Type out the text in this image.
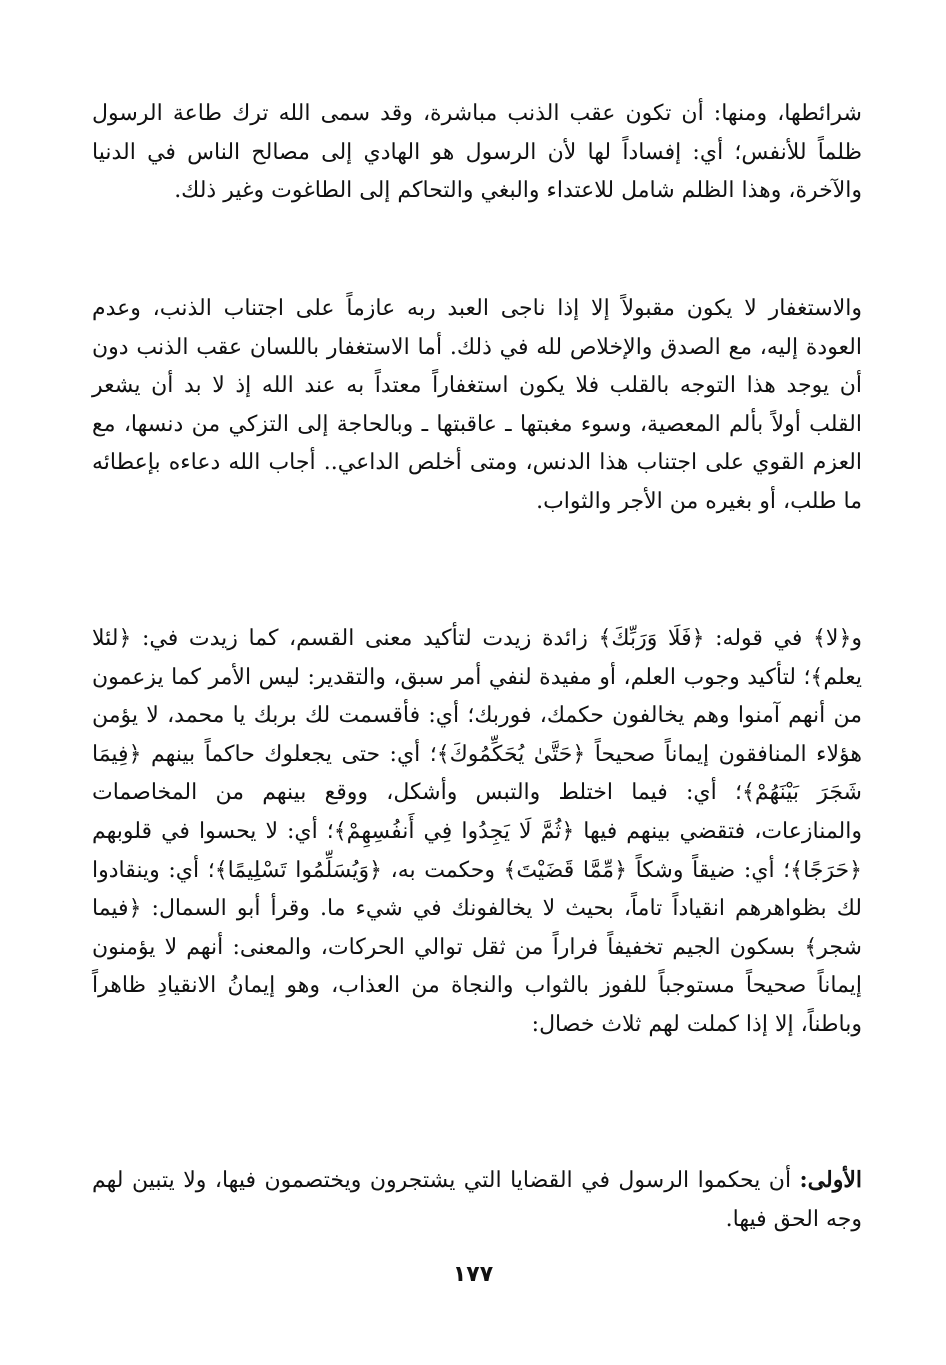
شرائطها، ومنها: أن تكون عقب الذنب مباشرة، وقد سمى الله ترك طاعة الرسول ظلماً للأنفس؛ أي: إفساداً لها لأن الرسول هو الهادي إلى مصالح الناس في الدنيا والآخرة، وهذا الظلم شامل للاعتداء والبغي والتحاكم إلى الطاغوت وغير ذلك.

والاستغفار لا يكون مقبولاً إلا إذا ناجى العبد ربه عازماً على اجتناب الذنب، وعدم العودة إليه، مع الصدق والإخلاص لله في ذلك. أما الاستغفار باللسان عقب الذنب دون أن يوجد هذا التوجه بالقلب فلا يكون استغفاراً معتداً به عند الله إذ لا بد أن يشعر القلب أولاً بألم المعصية، وسوء مغبتها ـ عاقبتها ـ وبالحاجة إلى التزكي من دنسها، مع العزم القوي على اجتناب هذا الدنس، ومتى أخلص الداعي.. أجاب الله دعاءه بإعطائه ما طلب، أو بغيره من الأجر والثواب.

و﴿لا﴾ في قوله: ﴿فَلَا وَرَبِّكَ﴾ زائدة زيدت لتأكيد معنى القسم، كما زيدت في: ﴿لئلا يعلم﴾؛ لتأكيد وجوب العلم، أو مفيدة لنفي أمر سبق، والتقدير: ليس الأمر كما يزعمون من أنهم آمنوا وهم يخالفون حكمك، فوربك؛ أي: فأقسمت لك بربك يا محمد، لا يؤمن هؤلاء المنافقون إيماناً صحيحاً ﴿حَتَّىٰ يُحَكِّمُوكَ﴾؛ أي: حتى يجعلوك حاكماً بينهم ﴿فِيمَا شَجَرَ بَيْنَهُمْ﴾؛ أي: فيما اختلط والتبس وأشكل، ووقع بينهم من المخاصمات والمنازعات، فتقضي بينهم فيها ﴿ثُمَّ لَا يَجِدُوا فِي أَنفُسِهِمْ﴾؛ أي: لا يحسوا في قلوبهم ﴿حَرَجًا﴾؛ أي: ضيقاً وشكاً ﴿مِّمَّا قَضَيْتَ﴾ وحكمت به، ﴿وَيُسَلِّمُوا تَسْلِيمًا﴾؛ أي: وينقادوا لك بظواهرهم انقياداً تاماً، بحيث لا يخالفونك في شيء ما. وقرأ أبو السمال: ﴿فيما شجر﴾ بسكون الجيم تخفيفاً فراراً من ثقل توالي الحركات، والمعنى: أنهم لا يؤمنون إيماناً صحيحاً مستوجباً للفوز بالثواب والنجاة من العذاب، وهو إيمانُ الانقيادِ ظاهراً وباطناً، إلا إذا كملت لهم ثلاث خصال:

الأولى: أن يحكموا الرسول في القضايا التي يشتجرون ويختصمون فيها، ولا يتبين لهم وجه الحق فيها.

١٧٧
